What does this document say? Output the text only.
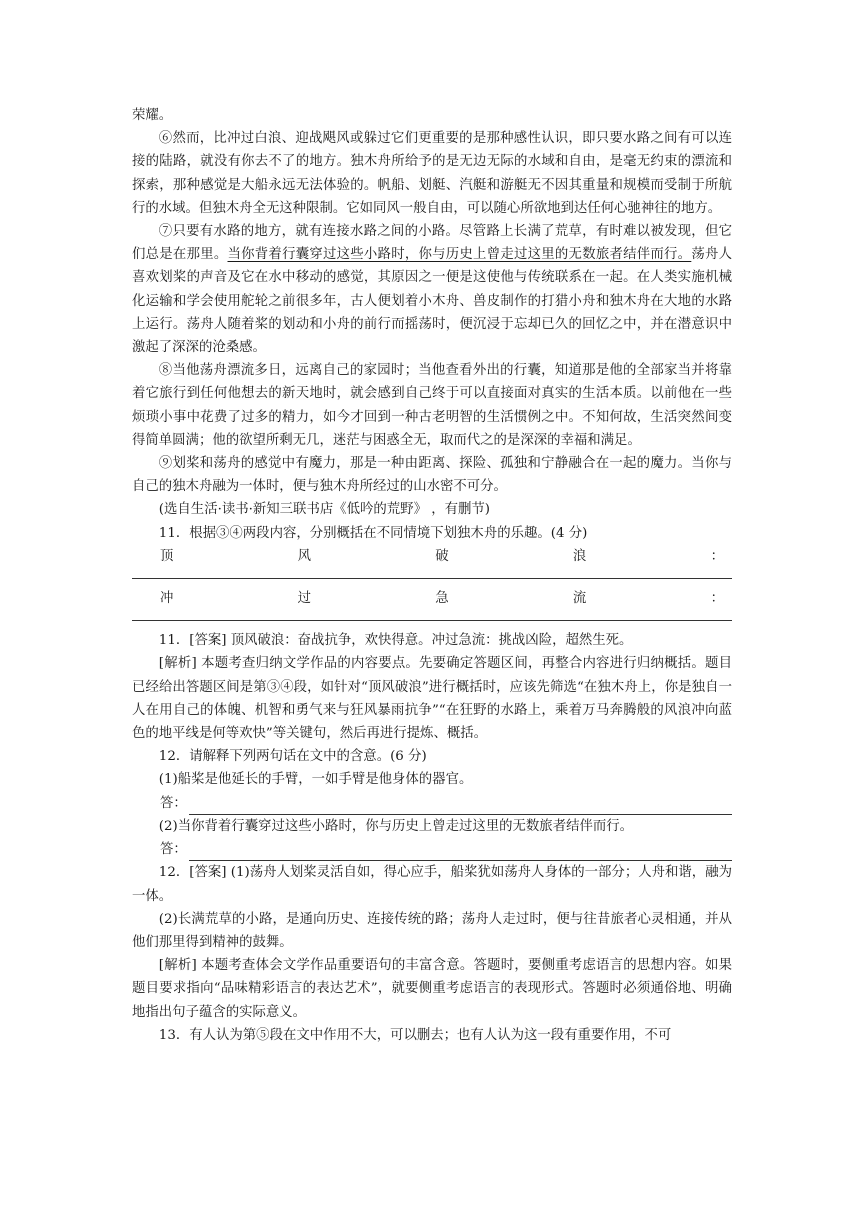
荣耀。

⑥然而，比冲过白浪、迎战飓风或躲过它们更重要的是那种感性认识，即只要水路之间有可以连接的陆路，就没有你去不了的地方。独木舟所给予的是无边无际的水域和自由，是毫无约束的漂流和探索，那种感觉是大船永远无法体验的。帆船、划艇、汽艇和游艇无不因其重量和规模而受制于所航行的水域。但独木舟全无这种限制。它如同风一般自由，可以随心所欲地到达任何心驰神往的地方。

⑦只要有水路的地方，就有连接水路之间的小路。尽管路上长满了荒草，有时难以被发现，但它们总是在那里。当你背着行囊穿过这些小路时，你与历史上曾走过这里的无数旅者结伴而行。荡舟人喜欢划桨的声音及它在水中移动的感觉，其原因之一便是这使他与传统联系在一起。在人类实施机械化运输和学会使用舵轮之前很多年，古人便划着小木舟、兽皮制作的打猎小舟和独木舟在大地的水路上运行。荡舟人随着桨的划动和小舟的前行而摇荡时，便沉浸于忘却已久的回忆之中，并在潜意识中激起了深深的沧桑感。

⑧当他荡舟漂流多日，远离自己的家园时；当他查看外出的行囊，知道那是他的全部家当并将靠着它旅行到任何他想去的新天地时，就会感到自己终于可以直接面对真实的生活本质。以前他在一些烦琐小事中花费了过多的精力，如今才回到一种古老明智的生活惯例之中。不知何故，生活突然间变得简单圆满；他的欲望所剩无几，迷茫与困惑全无，取而代之的是深深的幸福和满足。

⑨划桨和荡舟的感觉中有魔力，那是一种由距离、探险、孤独和宁静融合在一起的魔力。当你与自己的独木舟融为一体时，便与独木舟所经过的山水密不可分。

(选自生活·读书·新知三联书店《低吟的荒野》 ，有删节)

11．根据③④两段内容，分别概括在不同情境下划独木舟的乐趣。(4 分)

顶	风	破	浪	：
冲	过	急	流	：

11．[答案] 顶风破浪：奋战抗争，欢快得意。冲过急流：挑战凶险，超然生死。

[解析] 本题考查归纳文学作品的内容要点。先要确定答题区间，再整合内容进行归纳概括。题目已经给出答题区间是第③④段，如针对“顶风破浪”进行概括时，应该先筛选“在独木舟上，你是独自一人在用自己的体魄、机智和勇气来与狂风暴雨抗争”“在狂野的水路上，乘着万马奔腾般的风浪冲向蓝色的地平线是何等欢快”等关键句，然后再进行提炼、概括。

12．请解释下列两句话在文中的含意。(6 分)

(1)船桨是他延长的手臂，一如手臂是他身体的器官。

答：

(2)当你背着行囊穿过这些小路时，你与历史上曾走过这里的无数旅者结伴而行。

答：

12．[答案] (1)荡舟人划桨灵活自如，得心应手，船桨犹如荡舟人身体的一部分；人舟和谐，融为一体。

(2)长满荒草的小路，是通向历史、连接传统的路；荡舟人走过时，便与往昔旅者心灵相通，并从他们那里得到精神的鼓舞。

[解析] 本题考查体会文学作品重要语句的丰富含意。答题时，要侧重考虑语言的思想内容。如果题目要求指向“品味精彩语言的表达艺术”，就要侧重考虑语言的表现形式。答题时必须通俗地、明确地指出句子蕴含的实际意义。

13．有人认为第⑤段在文中作用不大，可以删去；也有人认为这一段有重要作用，不可
